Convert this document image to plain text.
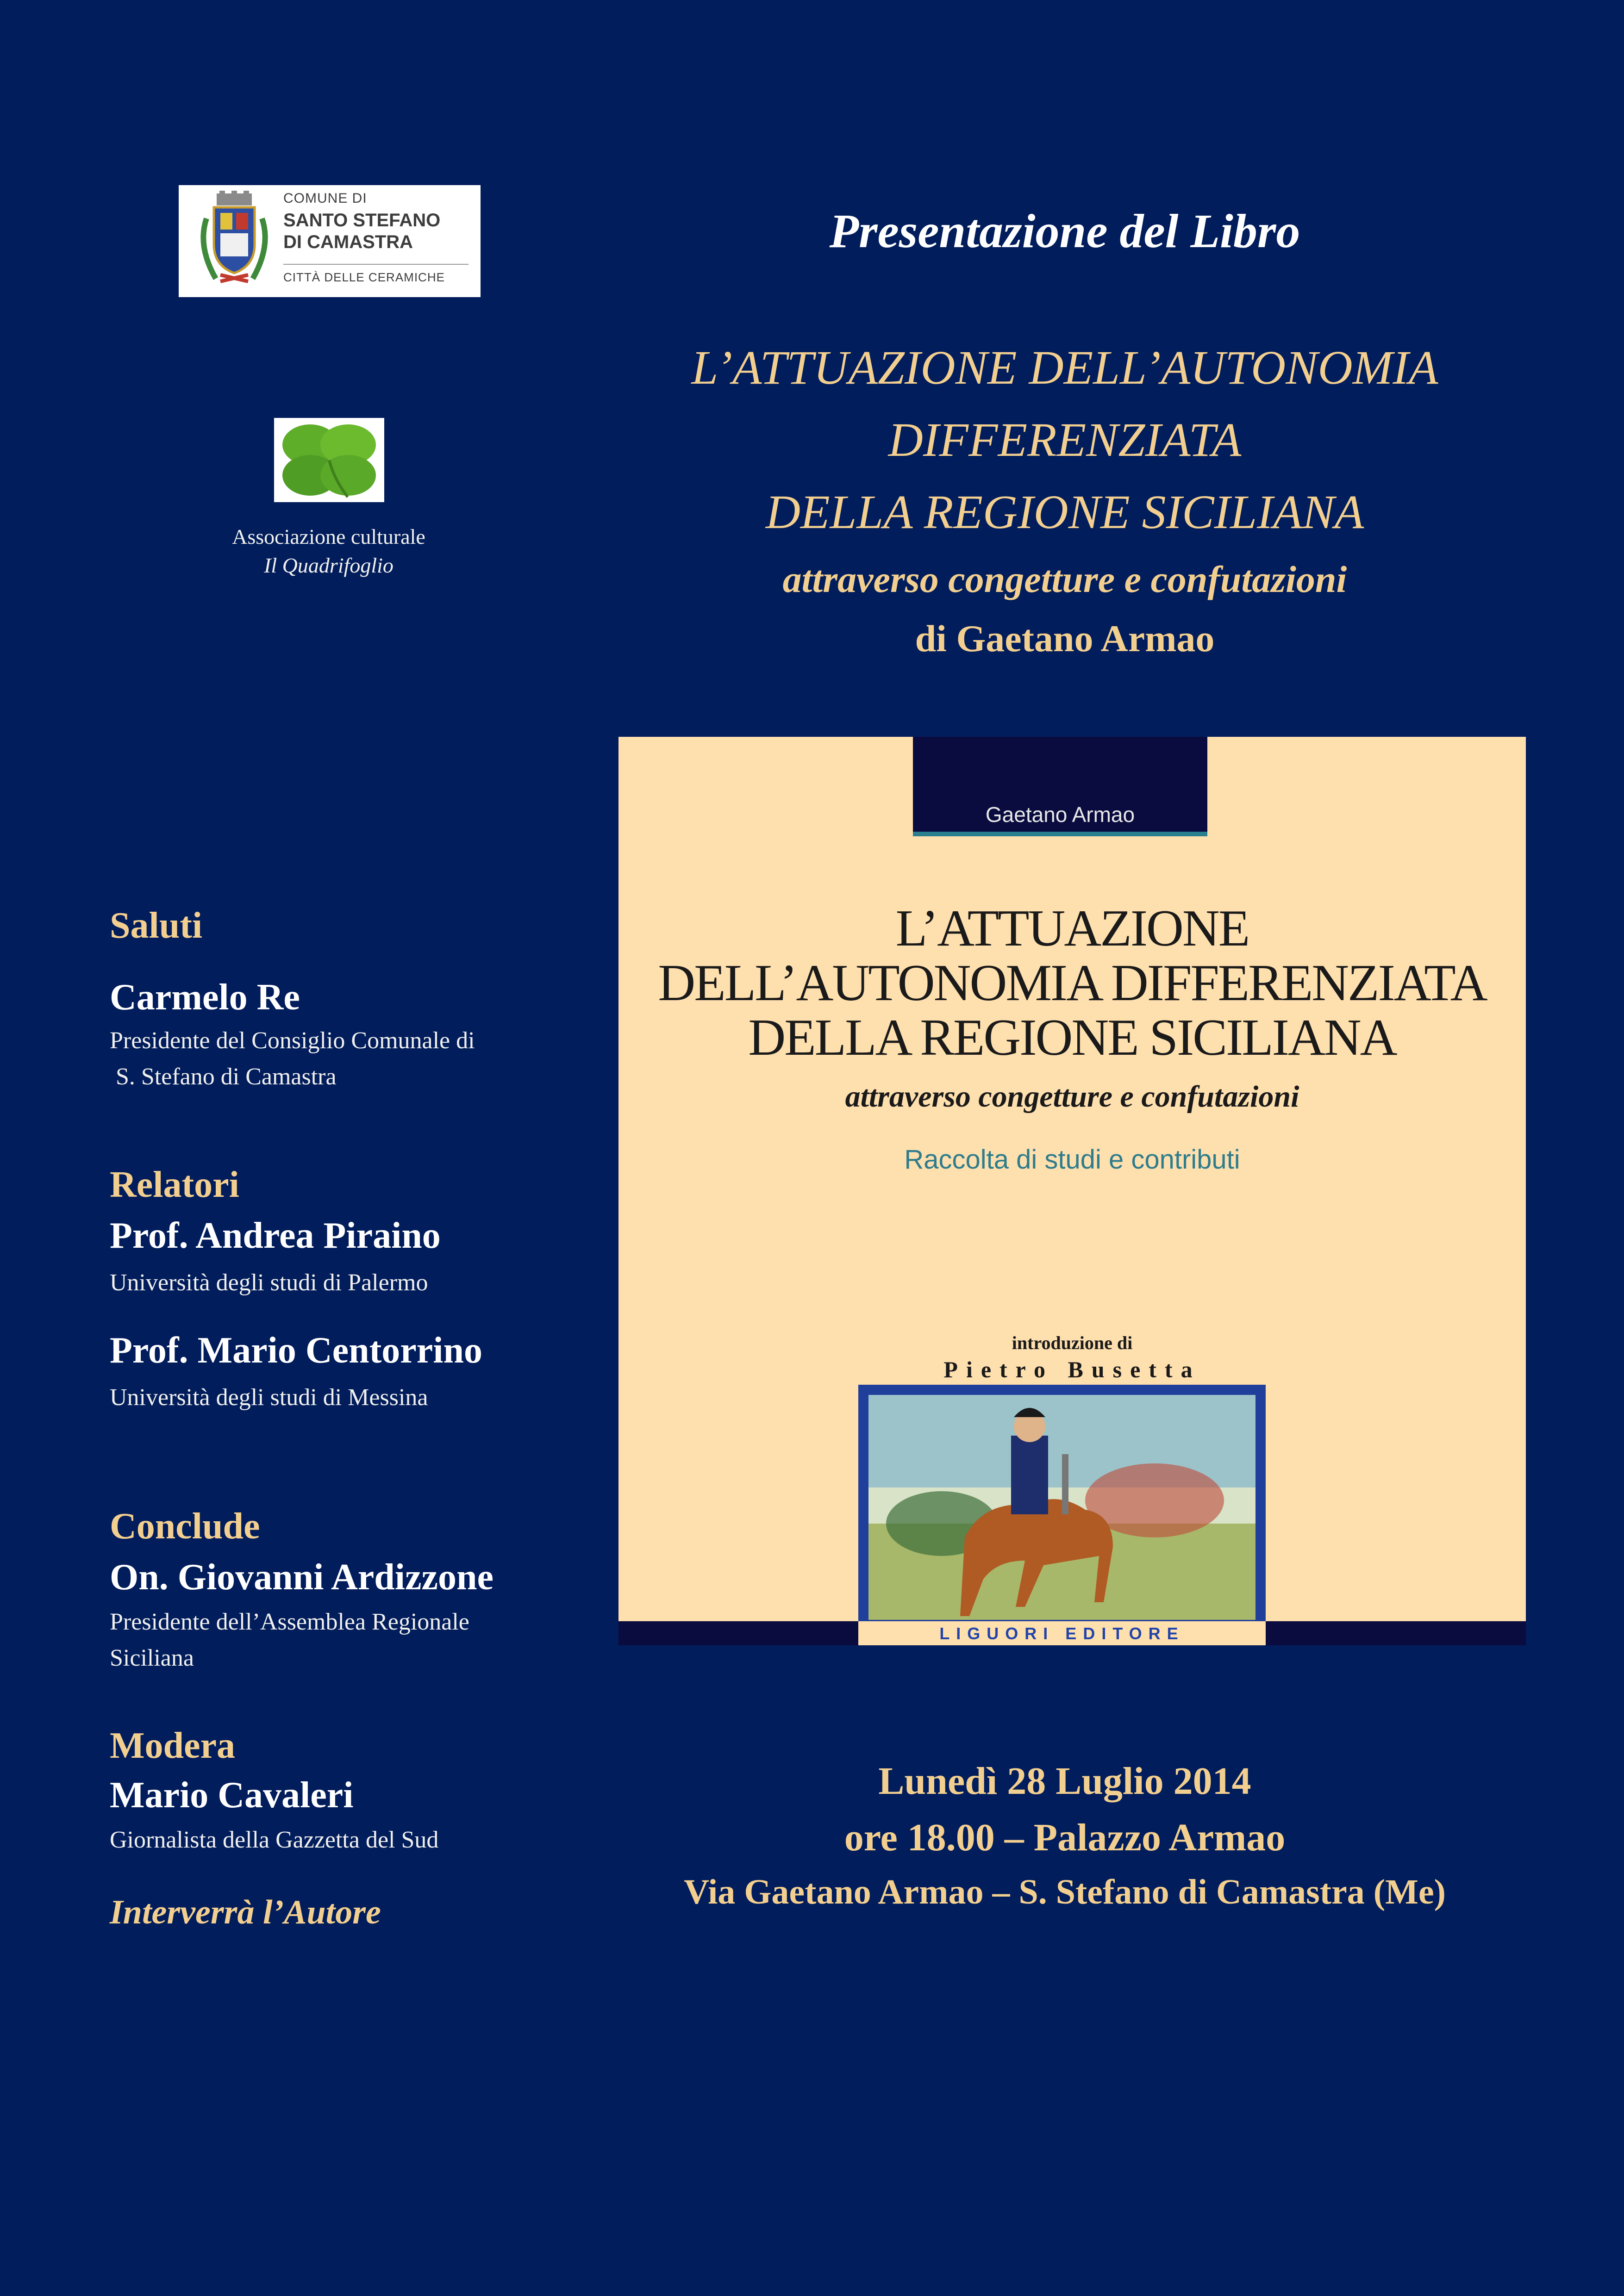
COMUNE DI
SANTO STEFANO
DI CAMASTRA
CITTÀ DELLE CERAMICHE
Associazione culturale
Il Quadrifoglio
Presentazione del Libro
L’ATTUAZIONE DELL’AUTONOMIA
DIFFERENZIATA
DELLA REGIONE SICILIANA
attraverso congetture e confutazioni
di Gaetano Armao
Gaetano Armao
L’ATTUAZIONE
DELL’AUTONOMIA DIFFERENZIATA
DELLA REGIONE SICILIANA
attraverso congetture e confutazioni
Raccolta di studi e contributi
introduzione di
Pietro Busetta
LIGUORI EDITORE
Saluti
Carmelo Re
Presidente del Consiglio Comunale di
S. Stefano di Camastra
Relatori
Prof. Andrea Piraino
Università degli studi di Palermo
Prof. Mario Centorrino
Università degli studi di Messina
Conclude
On. Giovanni Ardizzone
Presidente dell’Assemblea Regionale
Siciliana
Modera
Mario Cavaleri
Giornalista della Gazzetta del Sud
Interverrà l’Autore
Lunedì 28 Luglio 2014
ore 18.00 – Palazzo Armao
Via Gaetano Armao – S. Stefano di Camastra (Me)
